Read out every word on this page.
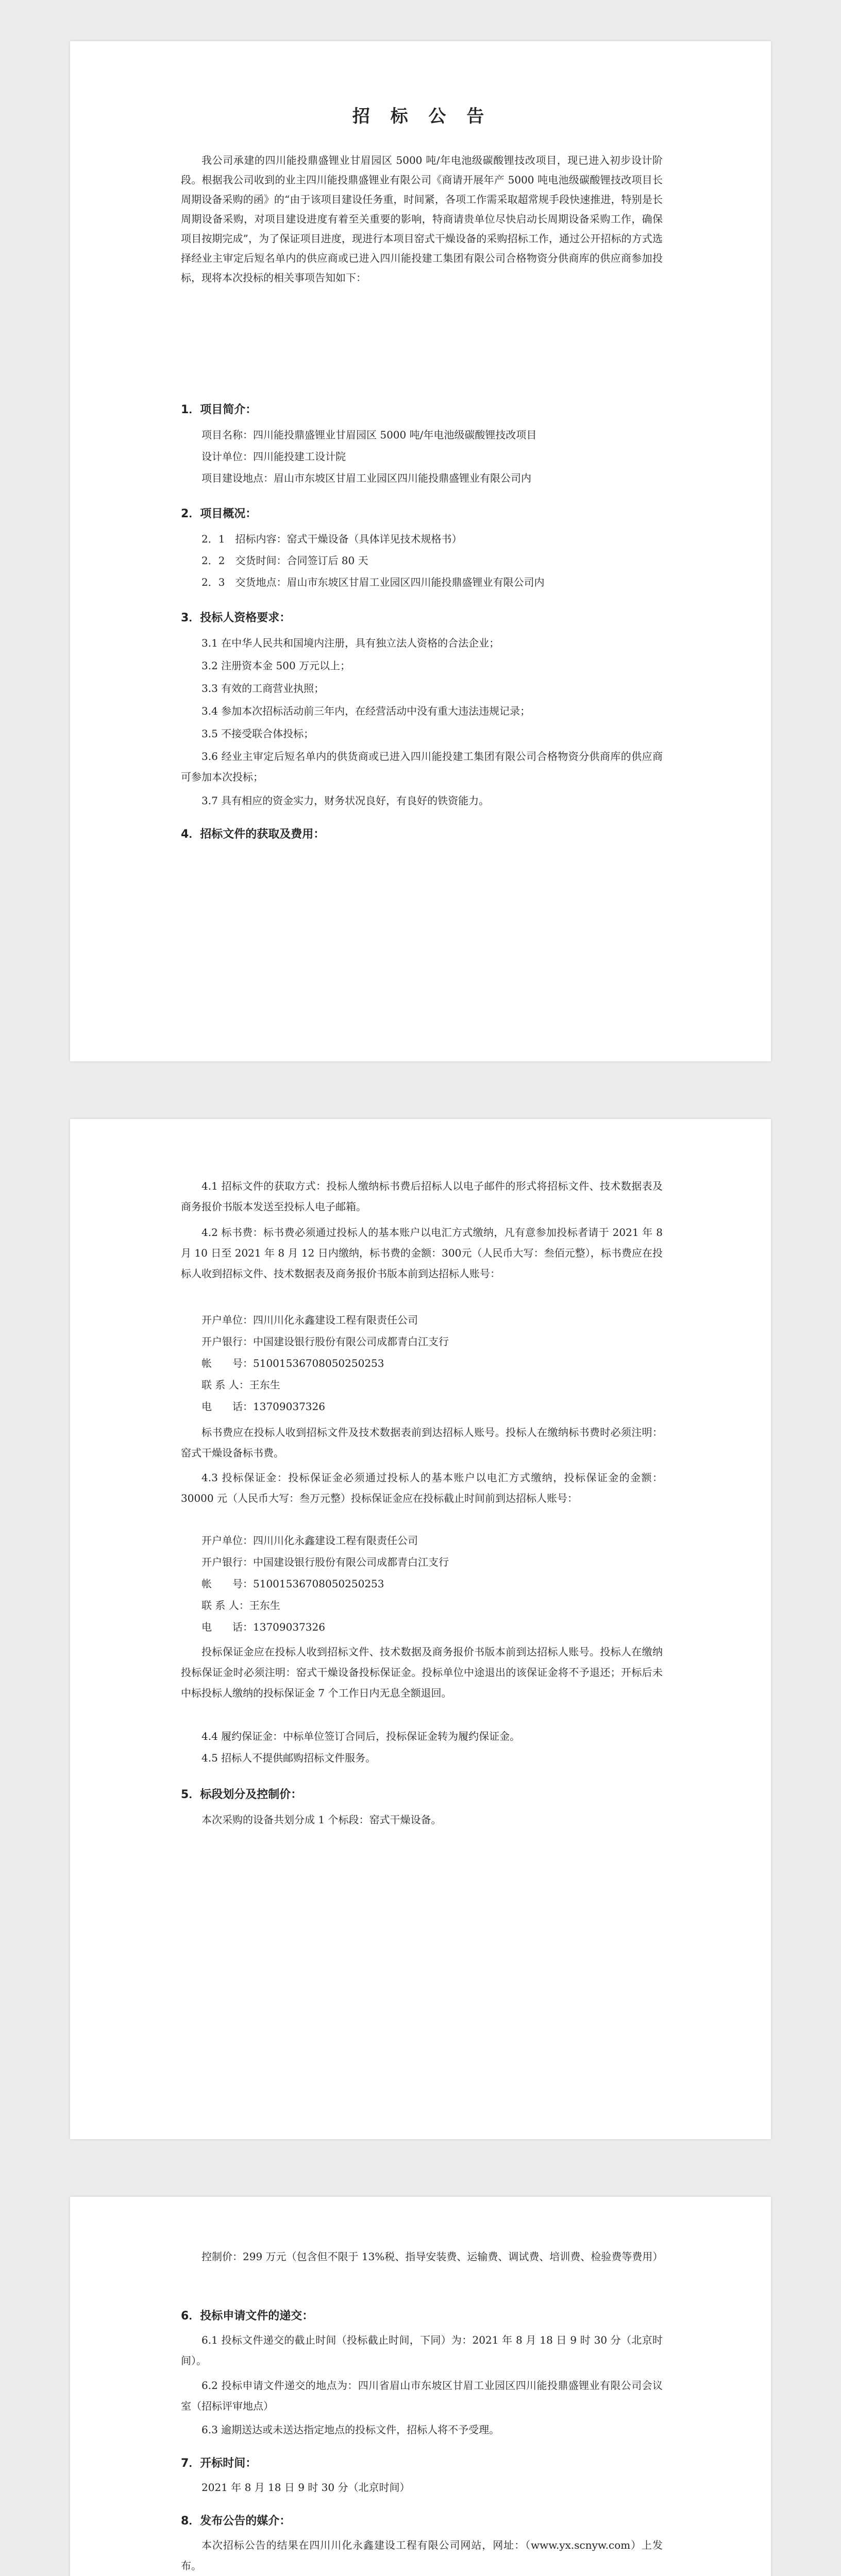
招 标 公 告

我公司承建的四川能投鼎盛锂业甘眉园区 5000 吨/年电池级碳酸锂技改项目，现已进入初步设计阶段。根据我公司收到的业主四川能投鼎盛锂业有限公司《商请开展年产 5000 吨电池级碳酸锂技改项目长周期设备采购的函》的“由于该项目建设任务重，时间紧，各项工作需采取超常规手段快速推进，特别是长周期设备采购，对项目建设进度有着至关重要的影响，特商请贵单位尽快启动长周期设备采购工作，确保项目按期完成”，为了保证项目进度，现进行本项目窑式干燥设备的采购招标工作，通过公开招标的方式选择经业主审定后短名单内的供应商或已进入四川能投建工集团有限公司合格物资分供商库的供应商参加投标，现将本次投标的相关事项告知如下：

1．项目简介：

项目名称：四川能投鼎盛锂业甘眉园区 5000 吨/年电池级碳酸锂技改项目

设计单位：四川能投建工设计院

项目建设地点：眉山市东坡区甘眉工业园区四川能投鼎盛锂业有限公司内

2．项目概况：

2．1　招标内容：窑式干燥设备（具体详见技术规格书）

2．2　交货时间：合同签订后 80 天

2．3　交货地点：眉山市东坡区甘眉工业园区四川能投鼎盛锂业有限公司内

3．投标人资格要求：

3.1 在中华人民共和国境内注册，具有独立法人资格的合法企业；

3.2 注册资本金 500 万元以上；

3.3 有效的工商营业执照；

3.4 参加本次招标活动前三年内，在经营活动中没有重大违法违规记录；

3.5 不接受联合体投标；

3.6 经业主审定后短名单内的供货商或已进入四川能投建工集团有限公司合格物资分供商库的供应商可参加本次投标；

3.7 具有相应的资金实力，财务状况良好，有良好的铁资能力。

4．招标文件的获取及费用：

4.1 招标文件的获取方式：投标人缴纳标书费后招标人以电子邮件的形式将招标文件、技术数据表及商务报价书版本发送至投标人电子邮箱。

4.2 标书费：标书费必须通过投标人的基本账户以电汇方式缴纳，凡有意参加投标者请于 2021 年 8 月 10 日至 2021 年 8 月 12 日内缴纳，标书费的金额：300元（人民币大写：叁佰元整），标书费应在投标人收到招标文件、技术数据表及商务报价书版本前到达招标人账号：

开户单位：四川川化永鑫建设工程有限责任公司

开户银行：中国建设银行股份有限公司成都青白江支行

帐　　号：51001536708050250253

联 系 人：王东生

电　　话：13709037326

标书费应在投标人收到招标文件及技术数据表前到达招标人账号。投标人在缴纳标书费时必须注明：窑式干燥设备标书费。

4.3 投标保证金：投标保证金必须通过投标人的基本账户以电汇方式缴纳，投标保证金的金额：30000 元（人民币大写：叁万元整）投标保证金应在投标截止时间前到达招标人账号：

开户单位：四川川化永鑫建设工程有限责任公司

开户银行：中国建设银行股份有限公司成都青白江支行

帐　　号：51001536708050250253

联 系 人：王东生

电　　话：13709037326

投标保证金应在投标人收到招标文件、技术数据及商务报价书版本前到达招标人账号。投标人在缴纳投标保证金时必须注明：窑式干燥设备投标保证金。投标单位中途退出的该保证金将不予退还；开标后未中标投标人缴纳的投标保证金 7 个工作日内无息全额退回。

4.4 履约保证金：中标单位签订合同后，投标保证金转为履约保证金。

4.5 招标人不提供邮购招标文件服务。

5．标段划分及控制价：

本次采购的设备共划分成 1 个标段：窑式干燥设备。

控制价：299 万元（包含但不限于 13%税、指导安装费、运输费、调试费、培训费、检验费等费用）

6．投标申请文件的递交：

6.1 投标文件递交的截止时间（投标截止时间，下同）为：2021 年 8 月 18 日 9 时 30 分（北京时间）。

6.2 投标申请文件递交的地点为：四川省眉山市东坡区甘眉工业园区四川能投鼎盛锂业有限公司会议室（招标评审地点）

6.3 逾期送达或未送达指定地点的投标文件，招标人将不予受理。

7．开标时间：

2021 年 8 月 18 日 9 时 30 分（北京时间）

8．发布公告的媒介：

本次招标公告的结果在四川川化永鑫建设工程有限公司网站，网址：（www.yx.scnyw.com）上发布。
